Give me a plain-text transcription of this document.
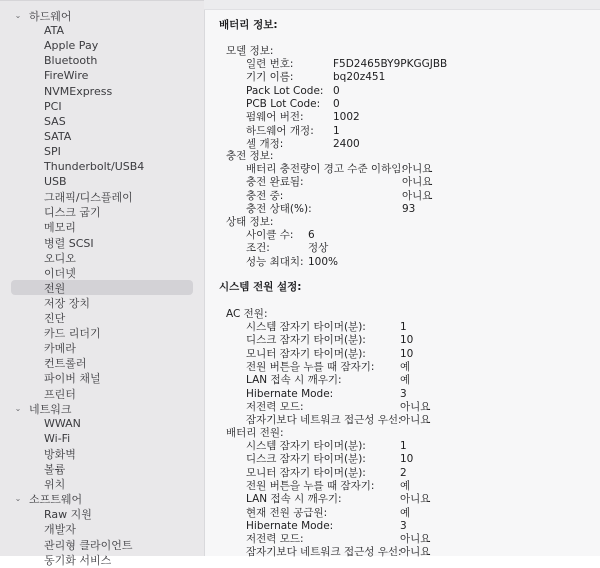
⌄ 하드웨어
ATA
Apple Pay
Bluetooth
FireWire
NVMExpress
PCI
SAS
SATA
SPI
Thunderbolt/USB4
USB
그래픽/디스플레이
디스크 굽기
메모리
병렬 SCSI
오디오
이더넷
전원
저장 장치
진단
카드 리더기
카메라
컨트롤러
파이버 채널
프린터
⌄ 네트워크
WWAN
Wi-Fi
방화벽
볼륨
위치
⌄ 소프트웨어
Raw 지원
개발자
관리형 클라이언트
동기화 서비스
배터리 정보:
모델 정보:
일련 번호:	F5D2465BY9PKGGJBB
기기 이름:	bq20z451
Pack Lot Code: 0
PCB Lot Code: 0
펌웨어 버전:	1002
하드웨어 개정: 1
셀 개정:	2400
충전 정보:
배터리 충전량이 경고 수준 이하임:
아니요
충전 완료됨:	아니요
충전 중:	아니요
충전 상태(%):	93
상태 정보:
사이클 수: 6
조건:	정상
성능 최대치: 100%
시스템 전원 설정:
AC 전원:
시스템 잠자기 타이머(분):	1
디스크 잠자기 타이머(분):	10
모니터 잠자기 타이머(분):	10
전원 버튼을 누를 때 잠자기: 예
LAN 접속 시 깨우기:	예
Hibernate Mode:	3
저전력 모드:	아니요
잠자기보다 네트워크 접근성 우선:
아니요
배터리 전원:
시스템 잠자기 타이머(분):	1
디스크 잠자기 타이머(분):	10
모니터 잠자기 타이머(분):	2
전원 버튼을 누를 때 잠자기: 예
LAN 접속 시 깨우기:	아니요
현재 전원 공급원:	예
Hibernate Mode:	3
저전력 모드:	아니요
잠자기보다 네트워크 접근성 우선:
아니요
